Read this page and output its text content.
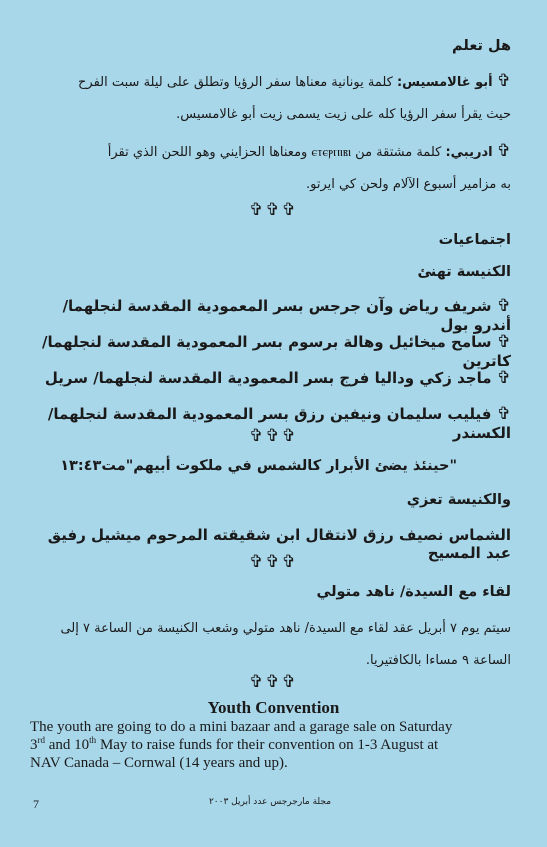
هل تعلم
✞ أبو غالامسيس: كلمة يونانية معناها سفر الرؤيا وتطلق على ليلة سبت الفرح
حيث يقرأ سفر الرؤيا كله على زيت يسمى زيت أبو غالامسيس.
✞ ادريبي: كلمة مشتقة من ⲉⲧⲉⲣⲡⲓⲃⲓ ومعناها الحزايني وهو اللحن الذي تقرأ
به مزامير أسبوع الآلام ولحن كي ايرتو.
✞✞✞
اجتماعيات
الكنيسة تهنئ
✞ شريف رياض وآن جرجس بسر المعمودية المقدسة لنجلهما/أندرو بول
✞ سامح ميخائيل وهالة برسوم بسر المعمودية المقدسة لنجلهما/ كاترين
✞ ماجد زكي وداليا فرج بسر المعمودية المقدسة لنجلهما/ سريل
✞ فيليب سليمان ونيفين رزق بسر المعمودية المقدسة لنجلهما/ الكسندر
✞✞✞
"حينئذ يضئ الأبرار كالشمس في ملكوت أبيهم"مت١٣:٤٣
والكنيسة تعزي
الشماس نصيف رزق لانتقال ابن شقيقته المرحوم ميشيل رفيق عبد المسيح
✞✞✞
لقاء مع السيدة/ ناهد متولي
سيتم يوم ٧ أبريل عقد لقاء مع السيدة/ ناهد متولي وشعب الكنيسة من الساعة ٧ إلى
الساعة ٩ مساءا بالكافتيريا.
✞✞✞
Youth Convention
The youth are going to do a mini bazaar and a garage sale on Saturday
3rd and 10th May to raise funds for their convention on 1-3 August at
NAV Canada – Cornwal (14 years and up).
7	مجلة مارجرجس عدد أبريل ٢٠٠٣
